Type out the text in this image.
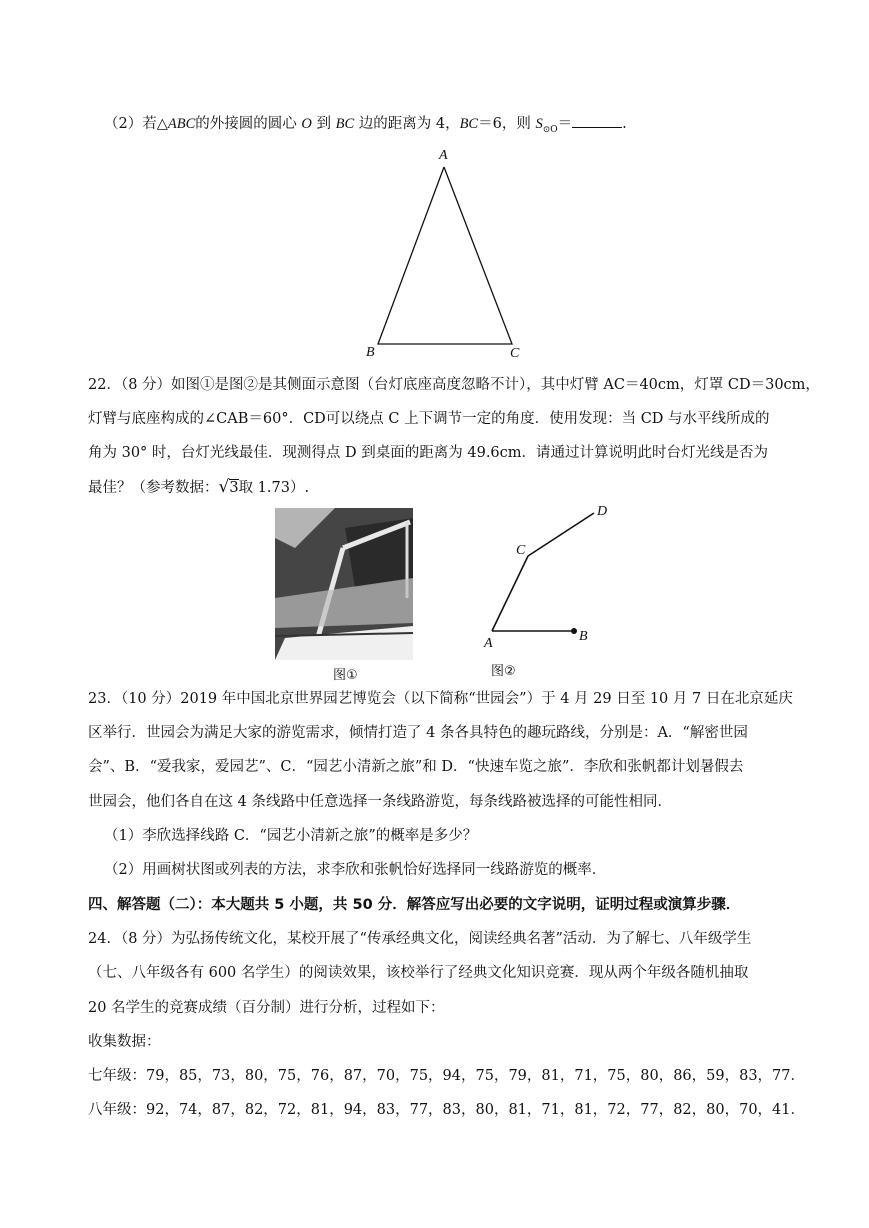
（2）若△ABC的外接圆的圆心 O 到 BC 边的距离为 4，BC＝6，则 $S_{⊙O}=$	.
A
B	C
22．（8 分）如图①是图②是其侧面示意图（台灯底座高度忽略不计），其中灯臂 AC＝40cm，灯罩 CD＝30cm，
灯臂与底座构成的∠CAB＝60°．CD可以绕点 C 上下调节一定的角度．使用发现：当 CD 与水平线所成的
角为 30° 时，台灯光线最佳．现测得点 D 到桌面的距离为 49.6cm．请通过计算说明此时台灯光线是否为
最佳？（参考数据：√3取 1.73）.
图①
A	B
C
D
图②
23．（10 分）2019 年中国北京世界园艺博览会（以下简称“世园会”）于 4 月 29 日至 10 月 7 日在北京延庆
区举行．世园会为满足大家的游览需求，倾情打造了 4 条各具特色的趣玩路线，分别是：A．“解密世园
会”、B．“爱我家，爱园艺”、C．“园艺小清新之旅”和 D．“快速车览之旅”．李欣和张帆都计划暑假去
世园会，他们各自在这 4 条线路中任意选择一条线路游览，每条线路被选择的可能性相同．
（1）李欣选择线路 C．“园艺小清新之旅”的概率是多少？
（2）用画树状图或列表的方法，求李欣和张帆恰好选择同一线路游览的概率．
四、解答题（二）：本大题共 5 小题，共 50 分．解答应写出必要的文字说明，证明过程或演算步骤．
24．（8 分）为弘扬传统文化，某校开展了“传承经典文化，阅读经典名著”活动．为了解七、八年级学生
（七、八年级各有 600 名学生）的阅读效果，该校举行了经典文化知识竞赛．现从两个年级各随机抽取
20 名学生的竞赛成绩（百分制）进行分析，过程如下：
收集数据：
七年级：79，85，73，80，75，76，87，70，75，94，75，79，81，71，75，80，86，59，83，77．
八年级：92，74，87，82，72，81，94，83，77，83，80，81，71，81，72，77，82，80，70，41．
